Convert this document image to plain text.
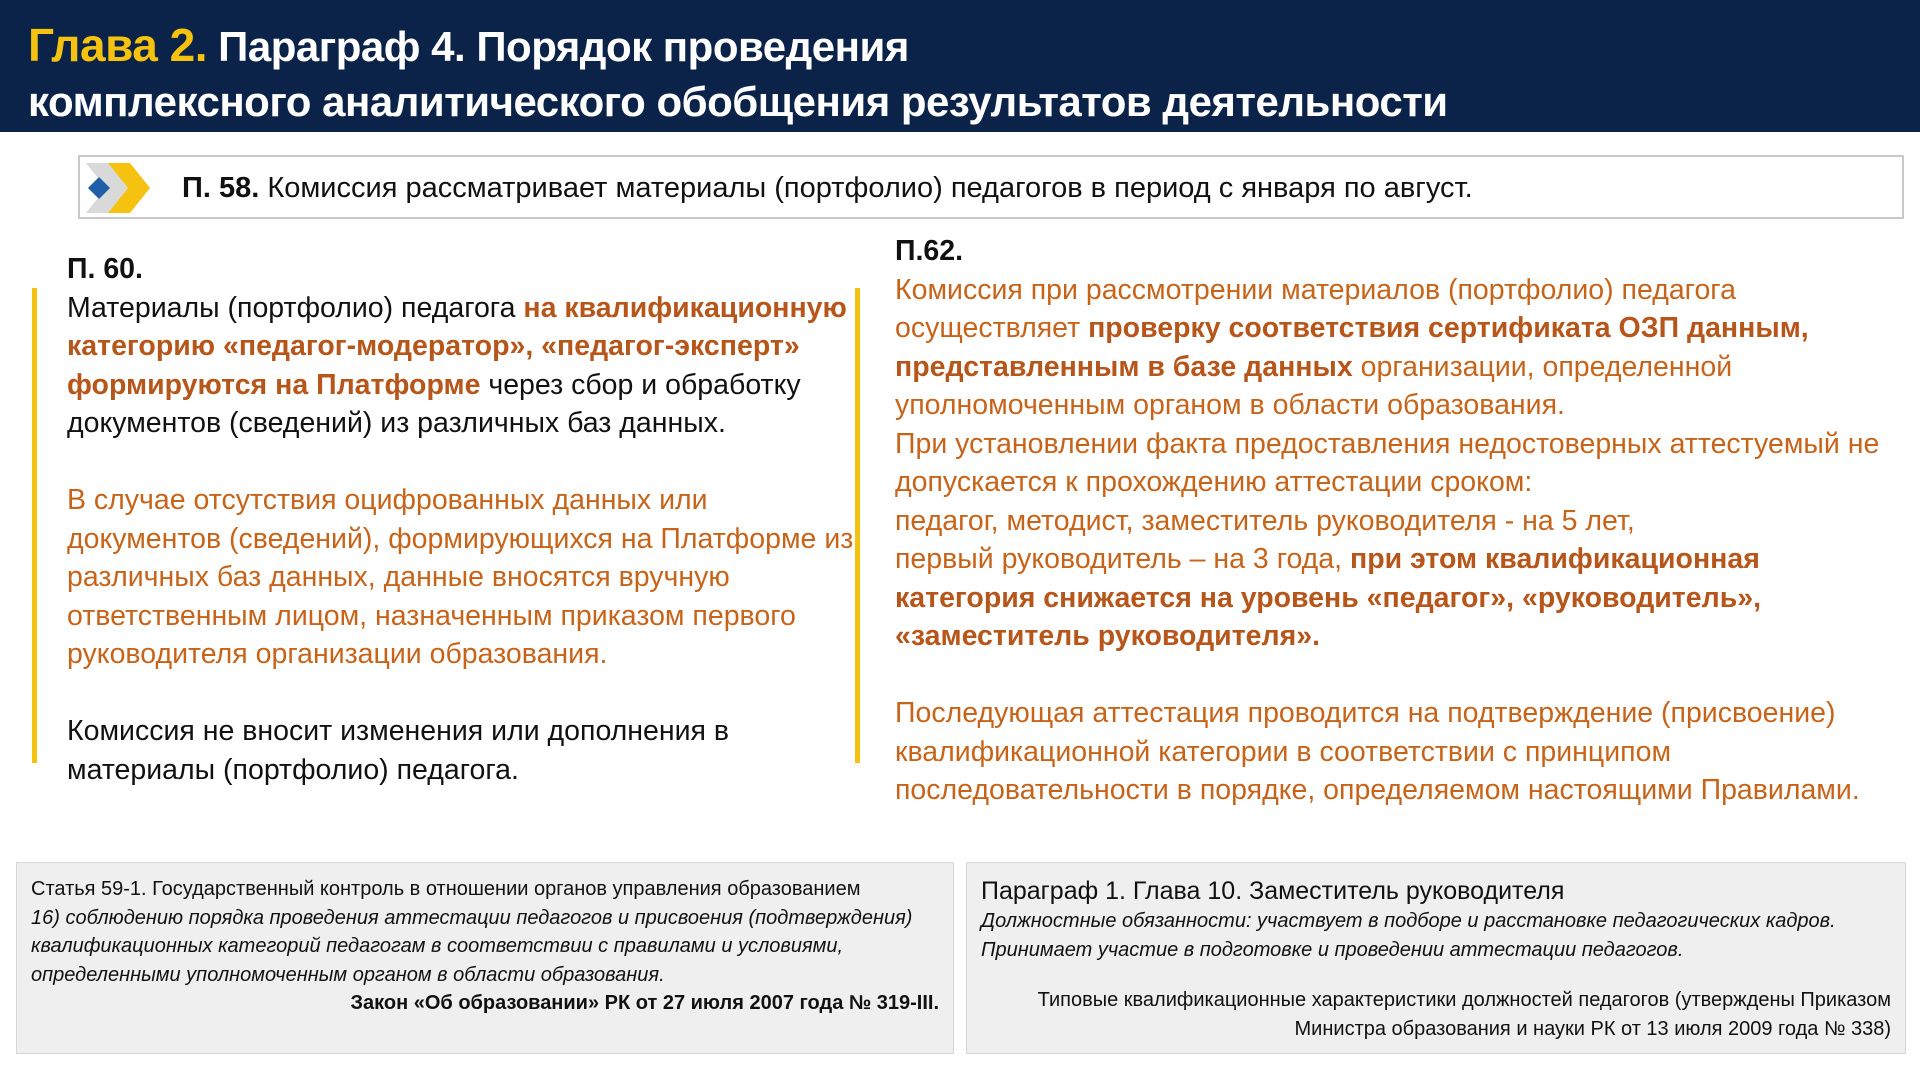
Глава 2. Параграф 4. Порядок проведения
комплексного аналитического обобщения результатов деятельности
П. 58. Комиссия рассматривает материалы (портфолио) педагогов в период с января по август.

П. 60.

Материалы (портфолио) педагога на квалификационную категорию «педагог-модератор», «педагог-эксперт» формируются на Платформе через сбор и обработку документов (сведений) из различных баз данных.

В случае отсутствия оцифрованных данных или документов (сведений), формирующихся на Платформе из различных баз данных, данные вносятся вручную ответственным лицом, назначенным приказом первого руководителя организации образования.

Комиссия не вносит изменения или дополнения в материалы (портфолио) педагога.

П.62.

Комиссия при рассмотрении материалов (портфолио) педагога осуществляет проверку соответствия сертификата ОЗП данным, представленным в базе данных организации, определенной уполномоченным органом в области образования.

При установлении факта предоставления недостоверных аттестуемый не допускается к прохождению аттестации сроком:

педагог, методист, заместитель руководителя - на 5 лет,

первый руководитель – на 3 года, при этом квалификационная категория снижается на уровень «педагог», «руководитель», «заместитель руководителя».

Последующая аттестация проводится на подтверждение (присвоение) квалификационной категории в соответствии с принципом последовательности в порядке, определяемом настоящими Правилами.

Статья 59-1. Государственный контроль в отношении органов управления образованием

16) соблюдению порядка проведения аттестации педагогов и присвоения (подтверждения) квалификационных категорий педагогам в соответствии с правилами и условиями, определенными уполномоченным органом в области образования.

Закон «Об образовании» РК от 27 июля 2007 года № 319-III.

Параграф 1. Глава 10. Заместитель руководителя

Должностные обязанности: участвует в подборе и расстановке педагогических кадров. Принимает участие в подготовке и проведении аттестации педагогов.

Типовые квалификационные характеристики должностей педагогов (утверждены Приказом Министра образования и науки РК от 13 июля 2009 года № 338)
